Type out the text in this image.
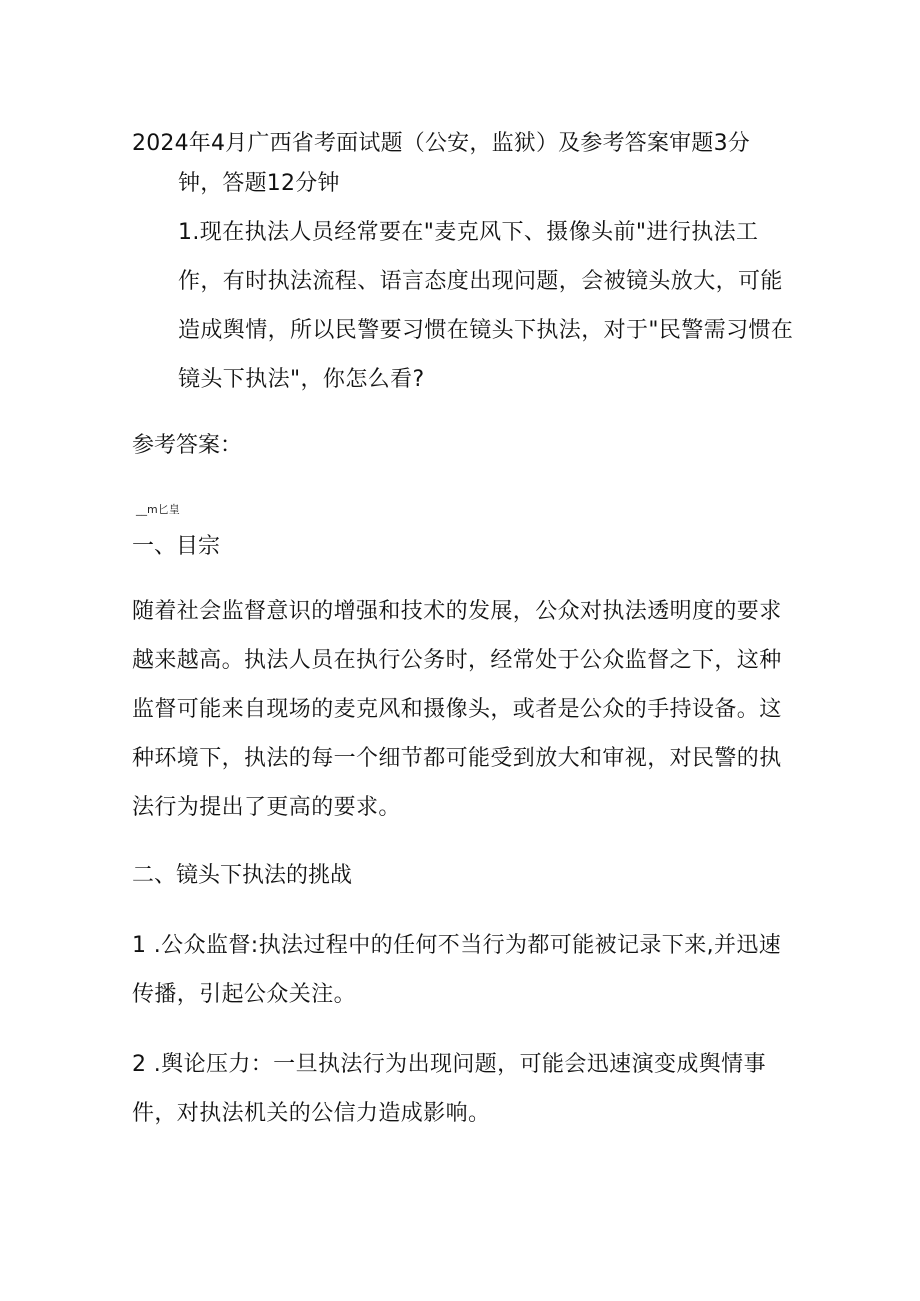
2024年4月广西省考面试题（公安，监狱）及参考答案审题3分
钟，答题12分钟
1.现在执法人员经常要在"麦克风下、摄像头前"进行执法工作，有时执法流程、语言态度出现问题，会被镜头放大，可能造成舆情，所以民警要习惯在镜头下执法，对于"民警需习惯在镜头下执法"，你怎么看?
参考答案：
__m匕皇
一、目宗
随着社会监督意识的增强和技术的发展，公众对执法透明度的要求越来越高。执法人员在执行公务时，经常处于公众监督之下，这种监督可能来自现场的麦克风和摄像头，或者是公众的手持设备。这种环境下，执法的每一个细节都可能受到放大和审视，对民警的执法行为提出了更高的要求。
二、镜头下执法的挑战
1 .公众监督:执法过程中的任何不当行为都可能被记录下来,并迅速传播，引起公众关注。
2 .舆论压力：一旦执法行为出现问题，可能会迅速演变成舆情事件，对执法机关的公信力造成影响。
